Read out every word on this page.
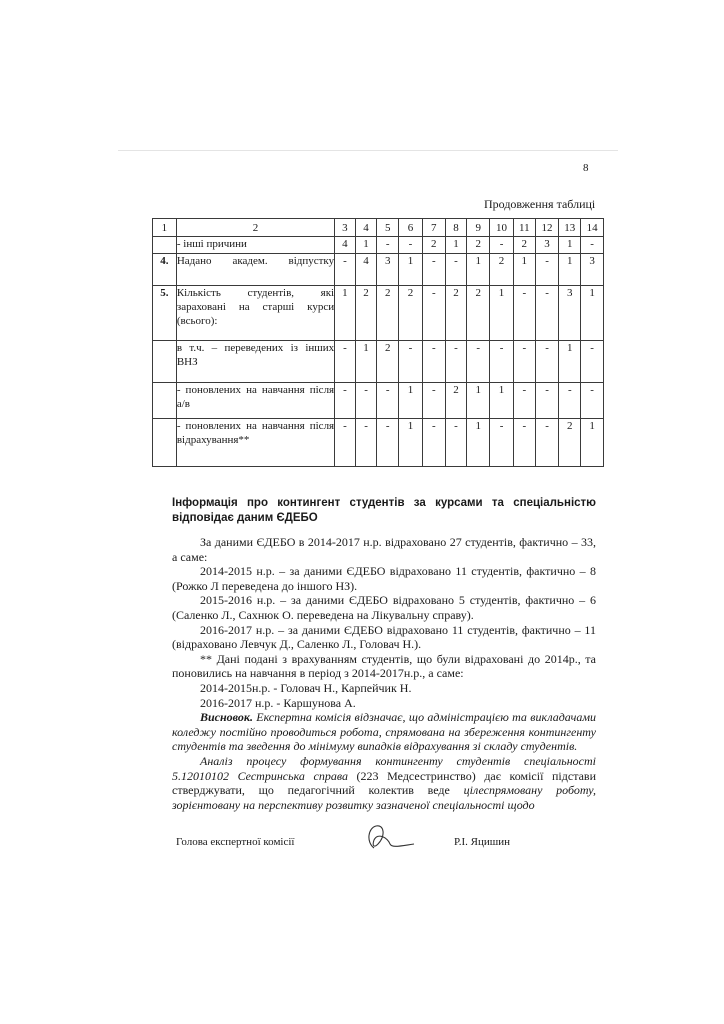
8
Продовження таблиці
1	2	3	4	5	6	7	8	9	10	11	12	13	14
	- інші причини	4	1	-	-	2	1	2	-	2	3	1	-
4.	Надано академ. відпустку	-	4	3	1	-	-	1	2	1	-	1	3
5.	Кількість студентів, які зараховані на старші курси (всього):	1	2	2	2	-	2	2	1	-	-	3	1
	в т.ч. – переведених із інших ВНЗ	-	1	2	-	-	-	-	-	-	-	1	-
	- поновлених на навчання після а/в	-	-	-	1	-	2	1	1	-	-	-	-
	- поновлених на навчання після відрахування**	-	-	-	1	-	-	1	-	-	-	2	1
Інформація про контингент студентів за курсами та спеціальністю відповідає даним ЄДЕБО

За даними ЄДЕБО в 2014-2017 н.р. відраховано 27 студентів, фактично – 33, а саме:

2014-2015 н.р. – за даними ЄДЕБО відраховано 11 студентів, фактично – 8 (Рожко Л переведена до іншого НЗ).

2015-2016 н.р. – за даними ЄДЕБО відраховано 5 студентів, фактично – 6 (Саленко Л., Сахнюк О. переведена на Лікувальну справу).

2016-2017 н.р. – за даними ЄДЕБО відраховано 11 студентів, фактично – 11 (відраховано Левчук Д., Саленко Л., Головач Н.).

** Дані подані з врахуванням студентів, що були відраховані до 2014р., та поновились на навчання в період з 2014-2017н.р., а саме:

2014-2015н.р. - Головач Н., Карпейчик Н.

2016-2017 н.р. - Каршунова А.

Висновок. Експертна комісія відзначає, що адміністрацією та викладачами коледжу постійно проводиться робота, спрямована на збереження контингенту студентів та зведення до мінімуму випадків відрахування зі складу студентів.

Аналіз процесу формування контингенту студентів спеціальності 5.12010102 Сестринська справа (223 Медсестринство) дає комісії підстави стверджувати, що педагогічний колектив веде цілеспрямовану роботу, зорієнтовану на перспективу розвитку зазначеної спеціальності щодо

Голова експертної комісії	Р.І. Яцишин
